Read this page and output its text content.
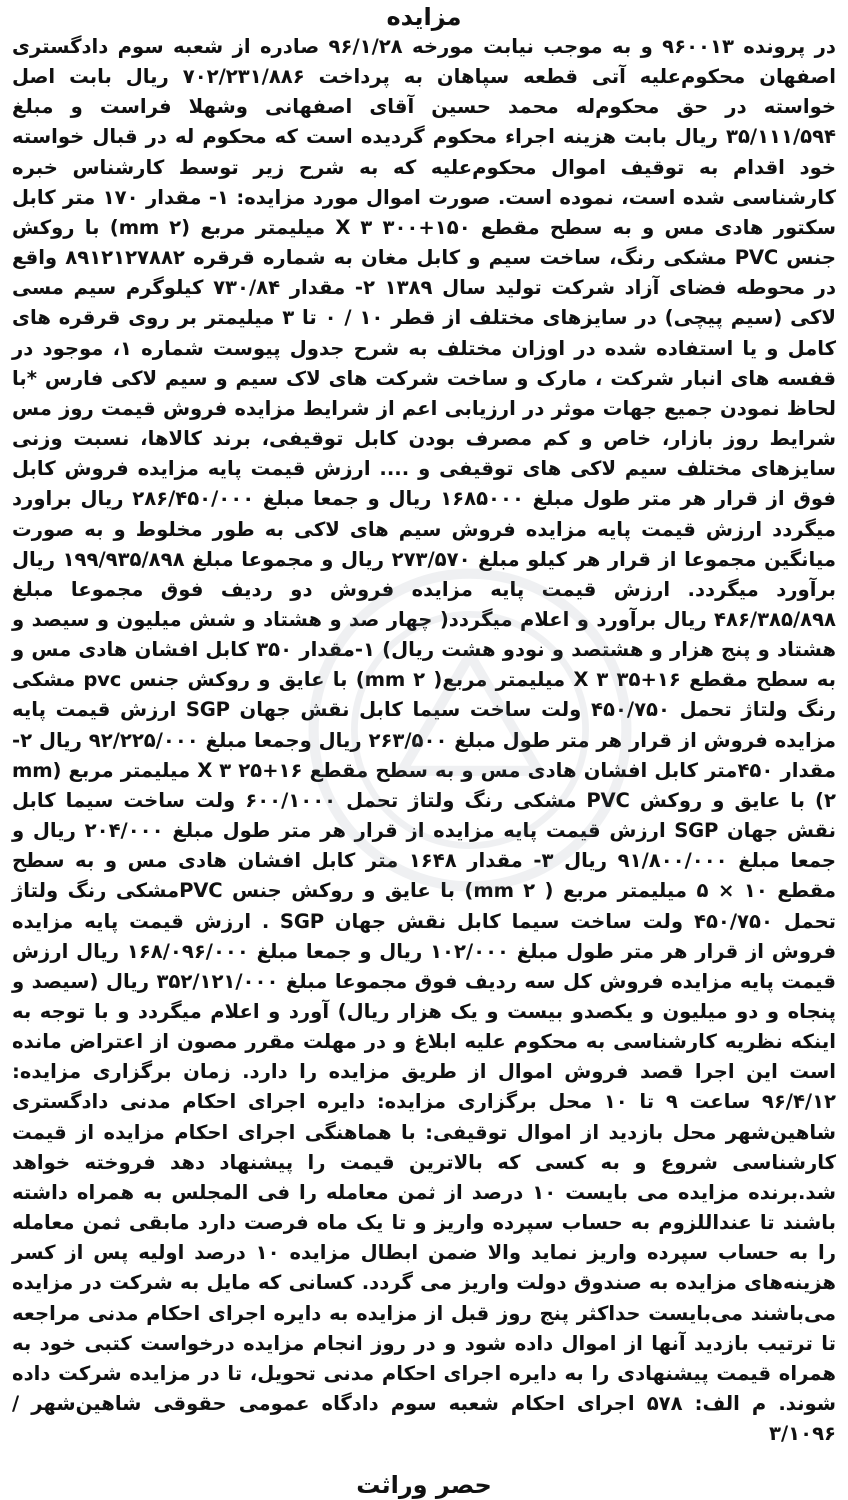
مزایده

در پرونده ۹۶۰۰۱۳ و به موجب نیابت مورخه ۹۶/۱/۲۸ صادره از شعبه سوم دادگستری اصفهان محکوم‌علیه آتی قطعه سپاهان به پرداخت ۷۰۲/۲۳۱/۸۸۶ ریال بابت اصل خواسته در حق محکوم‌له محمد حسین آقای اصفهانی وشهلا فراست و مبلغ ۳۵/۱۱۱/۵۹۴ ریال بابت هزینه اجراء محکوم گردیده است که محکوم له در قبال خواسته خود اقدام به توقیف اموال محکوم‌علیه که به شرح زیر توسط کارشناس خبره کارشناسی شده است، نموده است. صورت اموال مورد مزایده: ۱- مقدار ۱۷۰ متر کابل سکتور هادی مس و به سطح مقطع ۱۵۰+۳۰۰ X ۳ میلیمتر مربع (mm ۲) با روکش جنس PVC مشکی رنگ، ساخت سیم و کابل مغان به شماره قرقره ۸۹۱۲۱۲۷۸۸۲ واقع در محوطه فضای آزاد شرکت تولید سال ۱۳۸۹ ۲- مقدار ۷۳۰/۸۴ کیلوگرم سیم مسی لاکی (سیم پیچی) در سایزهای مختلف از قطر ۱۰ / ۰ تا ۳ میلیمتر بر روی قرقره های کامل و یا استفاده شده در اوزان مختلف به شرح جدول پیوست شماره ۱، موجود در قفسه های انبار شرکت ، مارک و ساخت شرکت های لاک سیم و سیم لاکی فارس *با لحاظ نمودن جمیع جهات موثر در ارزیابی اعم از شرایط مزایده فروش قیمت روز مس شرایط روز بازار، خاص و کم مصرف بودن کابل توقیفی، برند کالاها، نسبت وزنی سایزهای مختلف سیم لاکی های توقیفی و .... ارزش قیمت پایه مزایده فروش کابل فوق از قرار هر متر طول مبلغ ۱۶۸۵۰۰۰ ریال و جمعا مبلغ ۲۸۶/۴۵۰/۰۰۰ ریال براورد میگردد ارزش قیمت پایه مزایده فروش سیم های لاکی به طور مخلوط و به صورت میانگین مجموعا از قرار هر کیلو مبلغ ۲۷۳/۵۷۰ ریال و مجموعا مبلغ ۱۹۹/۹۳۵/۸۹۸ ریال برآورد میگردد. ارزش قیمت پایه مزایده فروش دو ردیف فوق مجموعا مبلغ ۴۸۶/۳۸۵/۸۹۸ ریال برآورد و اعلام میگردد( چهار صد و هشتاد و شش میلیون و سیصد و هشتاد و پنج هزار و هشتصد و نودو هشت ریال) ۱-مقدار ۳۵۰ کابل افشان هادی مس و به سطح مقطع ۱۶+۳۵ X ۳ میلیمتر مربع( mm ۲) با عایق و روکش جنس pvc مشکی رنگ ولتاژ تحمل ۴۵۰/۷۵۰ ولت ساخت سیما کابل نقش جهان SGP ارزش قیمت پایه مزایده فروش از قرار هر متر طول مبلغ ۲۶۳/۵۰۰ ریال وجمعا مبلغ ۹۲/۲۲۵/۰۰۰ ریال ۲- مقدار ۴۵۰متر کابل افشان هادی مس و به سطح مقطع ۱۶+۲۵ X ۳ میلیمتر مربع (mm ۲) با عایق و روکش PVC مشکی رنگ ولتاژ تحمل ۶۰۰/۱۰۰۰ ولت ساخت سیما کابل نقش جهان SGP ارزش قیمت پایه مزایده از قرار هر متر طول مبلغ ۲۰۴/۰۰۰ ریال و جمعا مبلغ ۹۱/۸۰۰/۰۰۰ ریال ۳- مقدار ۱۶۴۸ متر کابل افشان هادی مس و به سطح مقطع ۱۰ × ۵ میلیمتر مربع ( mm ۲) با عایق و روکش جنس PVCمشکی رنگ ولتاژ تحمل ۴۵۰/۷۵۰ ولت ساخت سیما کابل نقش جهان SGP . ارزش قیمت پایه مزایده فروش از قرار هر متر طول مبلغ ۱۰۲/۰۰۰ ریال و جمعا مبلغ ۱۶۸/۰۹۶/۰۰۰ ریال ارزش قیمت پایه مزایده فروش کل سه ردیف فوق مجموعا مبلغ ۳۵۲/۱۲۱/۰۰۰ ریال (سیصد و پنجاه و دو میلیون و یکصدو بیست و یک هزار ریال) آورد و اعلام میگردد و با توجه به اینکه نظریه کارشناسی به محکوم علیه ابلاغ و در مهلت مقرر مصون از اعتراض مانده است این اجرا قصد فروش اموال از طریق مزایده را دارد. زمان برگزاری مزایده: ۹۶/۴/۱۲ ساعت ۹ تا ۱۰ محل برگزاری مزایده: دایره اجرای احکام مدنی دادگستری شاهین‌شهر محل بازدید از اموال توقیفی: با هماهنگی اجرای احکام مزایده از قیمت کارشناسی شروع و به کسی که بالاترین قیمت را پیشنهاد دهد فروخته خواهد شد.برنده مزایده می بایست ۱۰ درصد از ثمن معامله را فی المجلس به همراه داشته باشند تا عنداللزوم به حساب سپرده واریز و تا یک ماه فرصت دارد مابقی ثمن معامله را به حساب سپرده واریز نماید والا ضمن ابطال مزایده ۱۰ درصد اولیه پس از کسر هزینه‌های مزایده به صندوق دولت واریز می گردد. کسانی که مایل به شرکت در مزایده می‌باشند می‌بایست حداکثر پنج روز قبل از مزایده به دایره اجرای احکام مدنی مراجعه تا ترتیب بازدید آنها از اموال داده شود و در روز انجام مزایده درخواست کتبی خود به همراه قیمت پیشنهادی را به دایره اجرای احکام مدنی تحویل، تا در مزایده شرکت داده شوند. م الف: ۵۷۸ اجرای احکام شعبه سوم دادگاه عمومی حقوقی شاهین‌شهر /۳/۱۰۹۶

حصر وراثت
